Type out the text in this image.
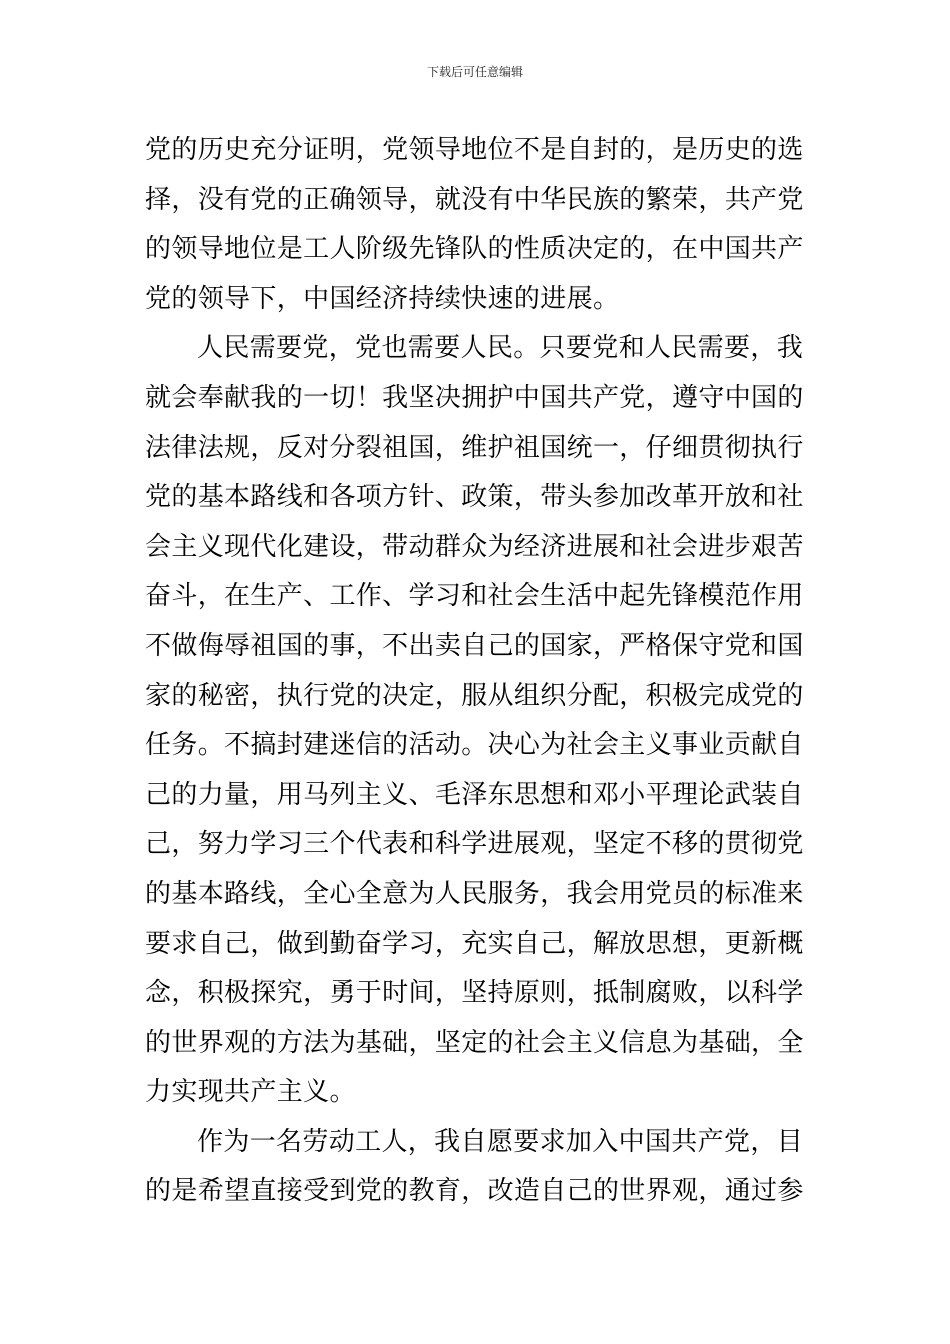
下载后可任意编辑
党的历史充分证明，党领导地位不是自封的，是历史的选
择，没有党的正确领导，就没有中华民族的繁荣，共产党
的领导地位是工人阶级先锋队的性质决定的，在中国共产
党的领导下，中国经济持续快速的进展。
人民需要党，党也需要人民。只要党和人民需要，我
就会奉献我的一切！我坚决拥护中国共产党，遵守中国的
法律法规，反对分裂祖国，维护祖国统一，仔细贯彻执行
党的基本路线和各项方针、政策，带头参加改革开放和社
会主义现代化建设，带动群众为经济进展和社会进步艰苦
奋斗，在生产、工作、学习和社会生活中起先锋模范作用
不做侮辱祖国的事，不出卖自己的国家，严格保守党和国
家的秘密，执行党的决定，服从组织分配，积极完成党的
任务。不搞封建迷信的活动。决心为社会主义事业贡献自
己的力量，用马列主义、毛泽东思想和邓小平理论武装自
己，努力学习三个代表和科学进展观，坚定不移的贯彻党
的基本路线，全心全意为人民服务，我会用党员的标准来
要求自己，做到勤奋学习，充实自己，解放思想，更新概
念，积极探究，勇于时间，坚持原则，抵制腐败，以科学
的世界观的方法为基础，坚定的社会主义信息为基础，全
力实现共产主义。
作为一名劳动工人，我自愿要求加入中国共产党，目
的是希望直接受到党的教育，改造自己的世界观，通过参
